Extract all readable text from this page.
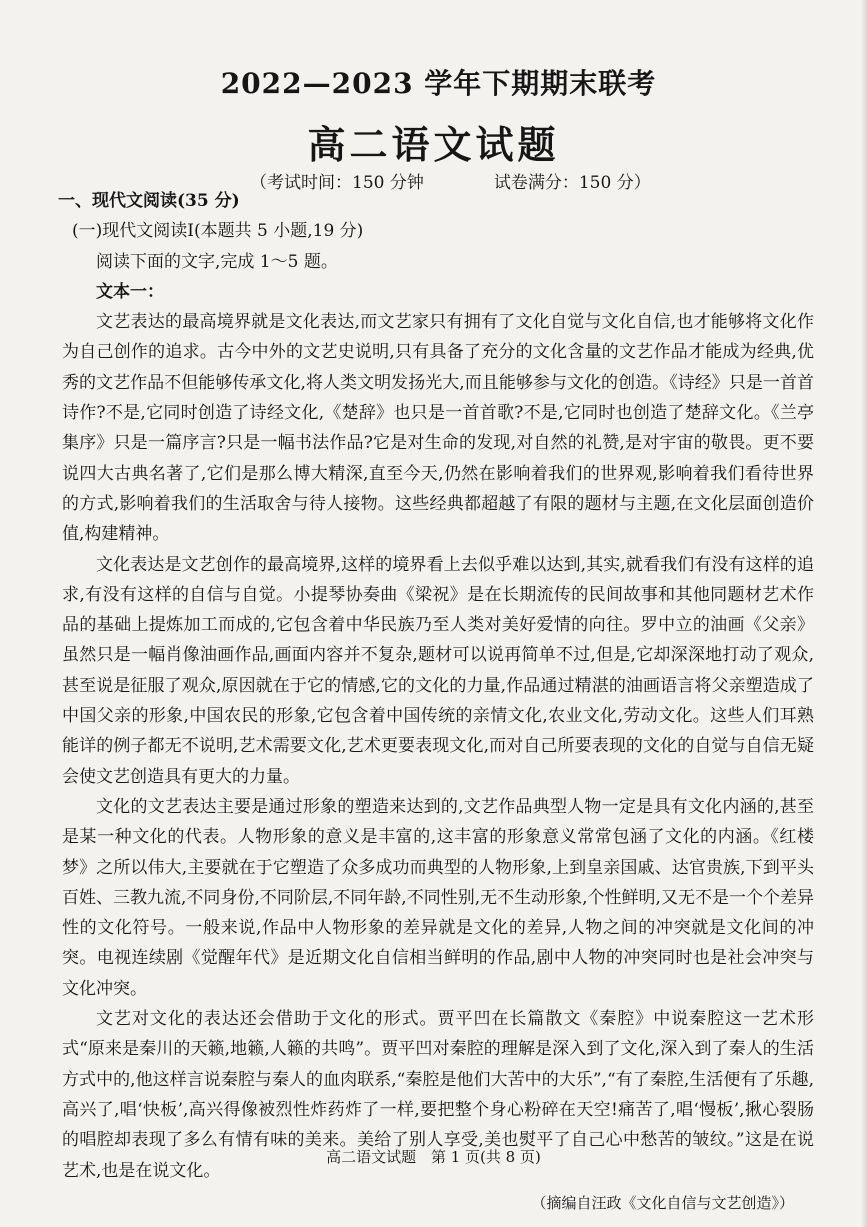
2022—2023 学年下期期末联考
高二语文试题
（考试时间：150 分钟	试卷满分：150 分）
一、现代文阅读(35 分)
(一)现代文阅读Ⅰ(本题共 5 小题,19 分)
阅读下面的文字,完成 1～5 题。
文本一：

文艺表达的最高境界就是文化表达,而文艺家只有拥有了文化自觉与文化自信,也才能够将文化作为自己创作的追求。古今中外的文艺史说明,只有具备了充分的文化含量的文艺作品才能成为经典,优秀的文艺作品不但能够传承文化,将人类文明发扬光大,而且能够参与文化的创造。《诗经》只是一首首诗作?不是,它同时创造了诗经文化,《楚辞》也只是一首首歌?不是,它同时也创造了楚辞文化。《兰亭集序》只是一篇序言?只是一幅书法作品?它是对生命的发现,对自然的礼赞,是对宇宙的敬畏。更不要说四大古典名著了,它们是那么博大精深,直至今天,仍然在影响着我们的世界观,影响着我们看待世界的方式,影响着我们的生活取舍与待人接物。这些经典都超越了有限的题材与主题,在文化层面创造价值,构建精神。

文化表达是文艺创作的最高境界,这样的境界看上去似乎难以达到,其实,就看我们有没有这样的追求,有没有这样的自信与自觉。小提琴协奏曲《梁祝》是在长期流传的民间故事和其他同题材艺术作品的基础上提炼加工而成的,它包含着中华民族乃至人类对美好爱情的向往。罗中立的油画《父亲》虽然只是一幅肖像油画作品,画面内容并不复杂,题材可以说再简单不过,但是,它却深深地打动了观众,甚至说是征服了观众,原因就在于它的情感,它的文化的力量,作品通过精湛的油画语言将父亲塑造成了中国父亲的形象,中国农民的形象,它包含着中国传统的亲情文化,农业文化,劳动文化。这些人们耳熟能详的例子都无不说明,艺术需要文化,艺术更要表现文化,而对自己所要表现的文化的自觉与自信无疑会使文艺创造具有更大的力量。

文化的文艺表达主要是通过形象的塑造来达到的,文艺作品典型人物一定是具有文化内涵的,甚至是某一种文化的代表。人物形象的意义是丰富的,这丰富的形象意义常常包涵了文化的内涵。《红楼梦》之所以伟大,主要就在于它塑造了众多成功而典型的人物形象,上到皇亲国戚、达官贵族,下到平头百姓、三教九流,不同身份,不同阶层,不同年龄,不同性别,无不生动形象,个性鲜明,又无不是一个个差异性的文化符号。一般来说,作品中人物形象的差异就是文化的差异,人物之间的冲突就是文化间的冲突。电视连续剧《觉醒年代》是近期文化自信相当鲜明的作品,剧中人物的冲突同时也是社会冲突与文化冲突。

文艺对文化的表达还会借助于文化的形式。贾平凹在长篇散文《秦腔》中说秦腔这一艺术形式“原来是秦川的天籁,地籁,人籁的共鸣”。贾平凹对秦腔的理解是深入到了文化,深入到了秦人的生活方式中的,他这样言说秦腔与秦人的血肉联系,“秦腔是他们大苦中的大乐”,“有了秦腔,生活便有了乐趣,高兴了,唱‘快板’,高兴得像被烈性炸药炸了一样,要把整个身心粉碎在天空!痛苦了,唱‘慢板’,揪心裂肠的唱腔却表现了多么有情有味的美来。美给了别人享受,美也熨平了自己心中愁苦的皱纹。”这是在说艺术,也是在说文化。

（摘编自汪政《文化自信与文艺创造》）
高二语文试题 第 1 页(共 8 页)
